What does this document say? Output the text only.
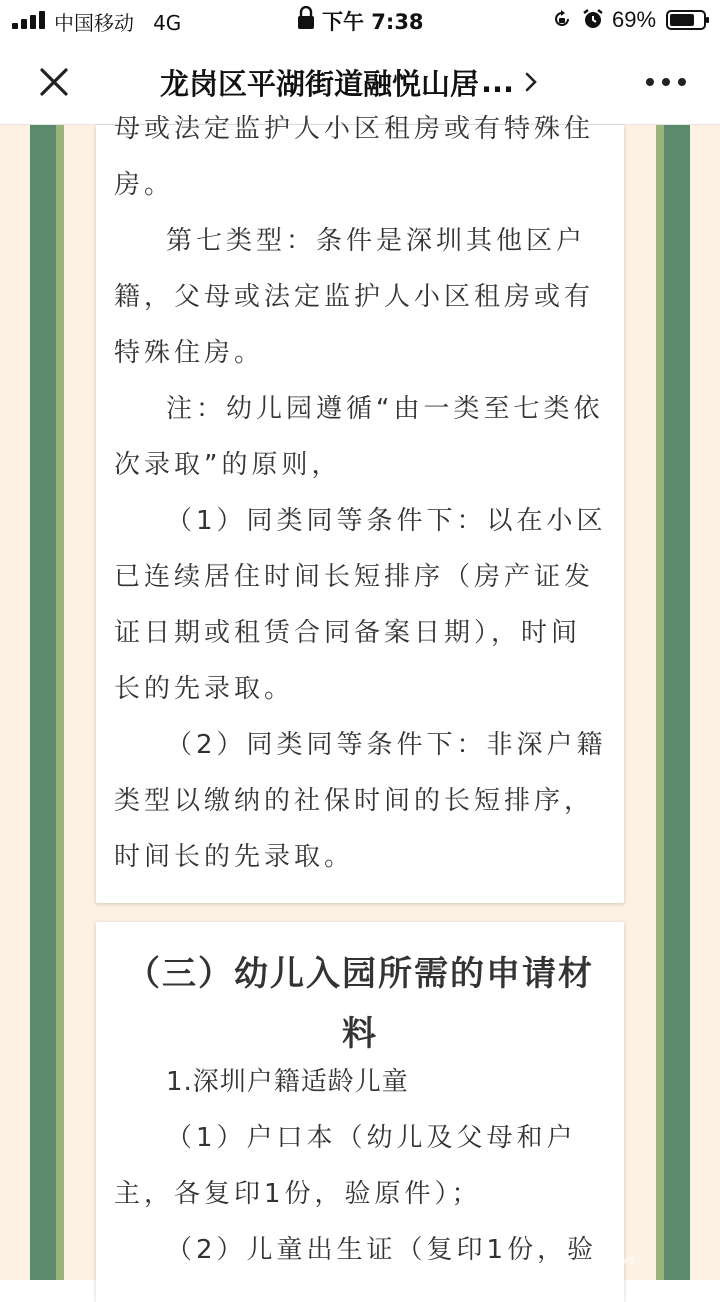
中国移动 4G	下午 7:38	69%
龙岗区平湖街道融悦山居 ...
母或法定监护人小区租房或有特殊住
房。
第七类型：条件是深圳其他区户
籍，父母或法定监护人小区租房或有
特殊住房。
注：幼儿园遵循“由一类至七类依
次录取”的原则，
（1）同类同等条件下：以在小区
已连续居住时间长短排序（房产证发
证日期或租赁合同备案日期），时间
长的先录取。
（2）同类同等条件下：非深户籍
类型以缴纳的社保时间的长短排序，
时间长的先录取。
（三）幼儿入园所需的申请材
料
1.深圳户籍适龄儿童
（1）户口本（幼儿及父母和户
主，各复印1份，验原件）；
（2）儿童出生证（复印1份，验
SZNEWS
